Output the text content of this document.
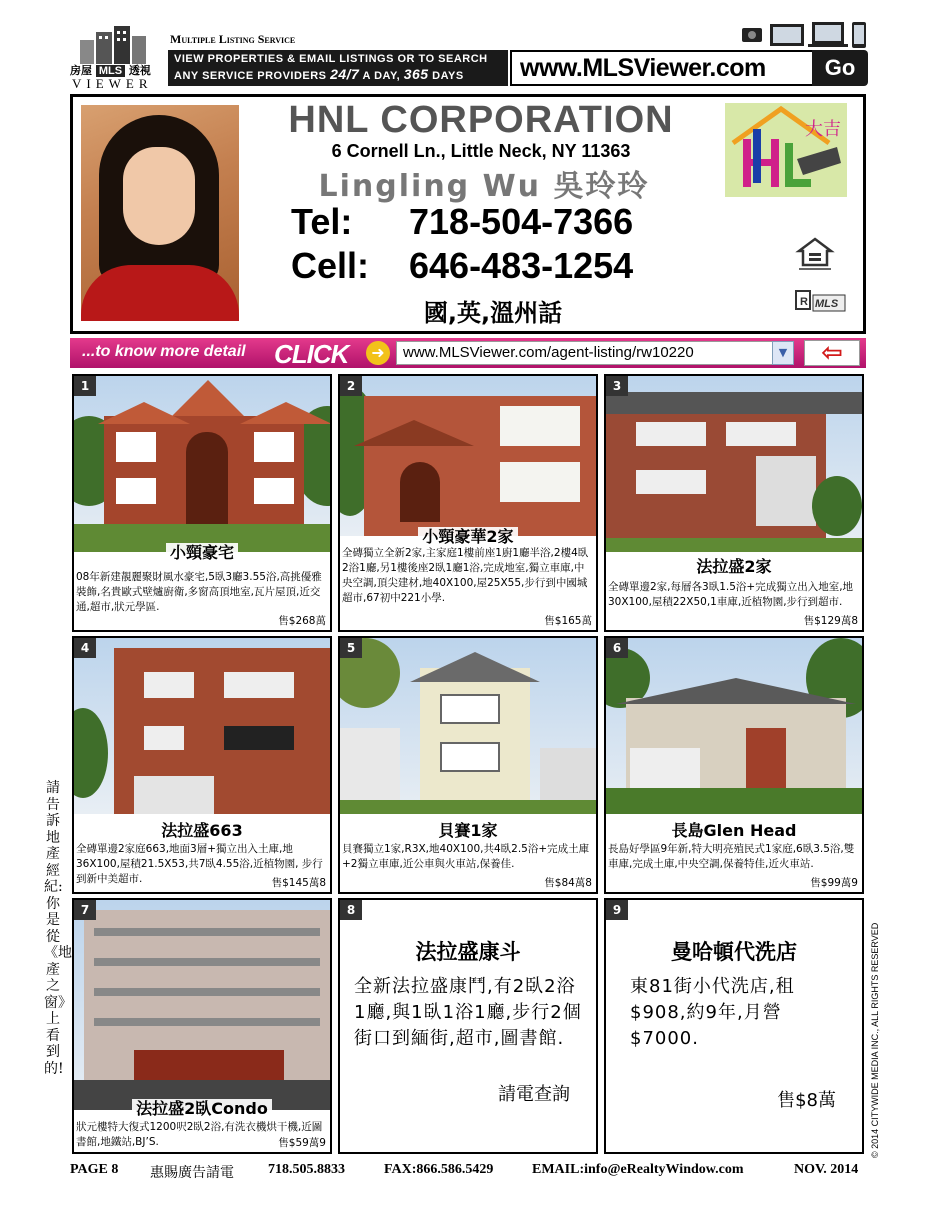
房屋 MLS 透視
VIEWER
Multiple Listing Service
VIEW PROPERTIES & EMAIL LISTINGS OR TO SEARCH
ANY SERVICE PROVIDERS 24/7 A DAY, 365 DAYS	www.MLSViewer.com	Go
HNL CORPORATION
6 Cornell Ln., Little Neck, NY 11363
Lingling Wu 吳玲玲
Tel: 718-504-7366
Cell: 646-483-1254
國,英,溫州話
大吉
R MLS
...to know more detail CLICK	➜	www.MLSViewer.com/agent-listing/rw10220	▼	⇦
1
小頸豪宅
08年新建靚麗聚財風水豪宅,5臥3廳3.55浴,高挑優雅裝飾,名貴歐式壁爐廚衛,多窗高頂地室,瓦片屋頂,近交通,超市,狀元學區.
售$268萬
2
小頸豪華2家
全磚獨立全新2家,主家庭1樓前座1廚1廳半浴,2樓4臥2浴1廳,另1樓後座2臥1廳1浴,完成地室,獨立車庫,中央空調,頂尖建材,地40X100,屋25X55,步行到中國城超市,67初中221小學.
售$165萬
3
法拉盛2家
全磚單邊2家,每層各3臥1.5浴+完成獨立出入地室,地30X100,屋積22X50,1車庫,近植物園,步行到超市.
售$129萬8
4
法拉盛663
全磚單邊2家庭663,地面3層+獨立出入土庫,地36X100,屋積21.5X53,共7臥4.55浴,近植物園, 步行到新中美超市.	售$145萬8
5
貝賽1家
貝賽獨立1家,R3X,地40X100,共4臥2.5浴+完成土庫+2獨立車庫,近公車與火車站,保養佳.
售$84萬8
6
長島Glen Head
長島好學區9年新,特大明亮殖民式1家庭,6臥3.5浴,雙車庫,完成土庫,中央空調,保養特佳,近火車站.
售$99萬9
7
法拉盛2臥Condo
狀元樓特大復式1200呎2臥2浴,有洗衣機烘干機,近圖書館,地鐵站,BJ’S.	售$59萬9
8
法拉盛康斗
全新法拉盛康鬥,有2臥2浴1廳,與1臥1浴1廳,步行2個街口到緬街,超市,圖書館.
請電查詢
9
曼哈頓代洗店
東81街小代洗店,租$908,約9年,月營$7000.
售$8萬
請告訴地產經紀:你是從《地產之窗》上看到的!	© 2014 CITYWIDE MEDIA INC., ALL RIGHTS RESERVED
PAGE 8 惠賜廣告請電 718.505.8833	FAX:866.586.5429	EMAIL:info@eRealtyWindow.com	NOV. 2014
